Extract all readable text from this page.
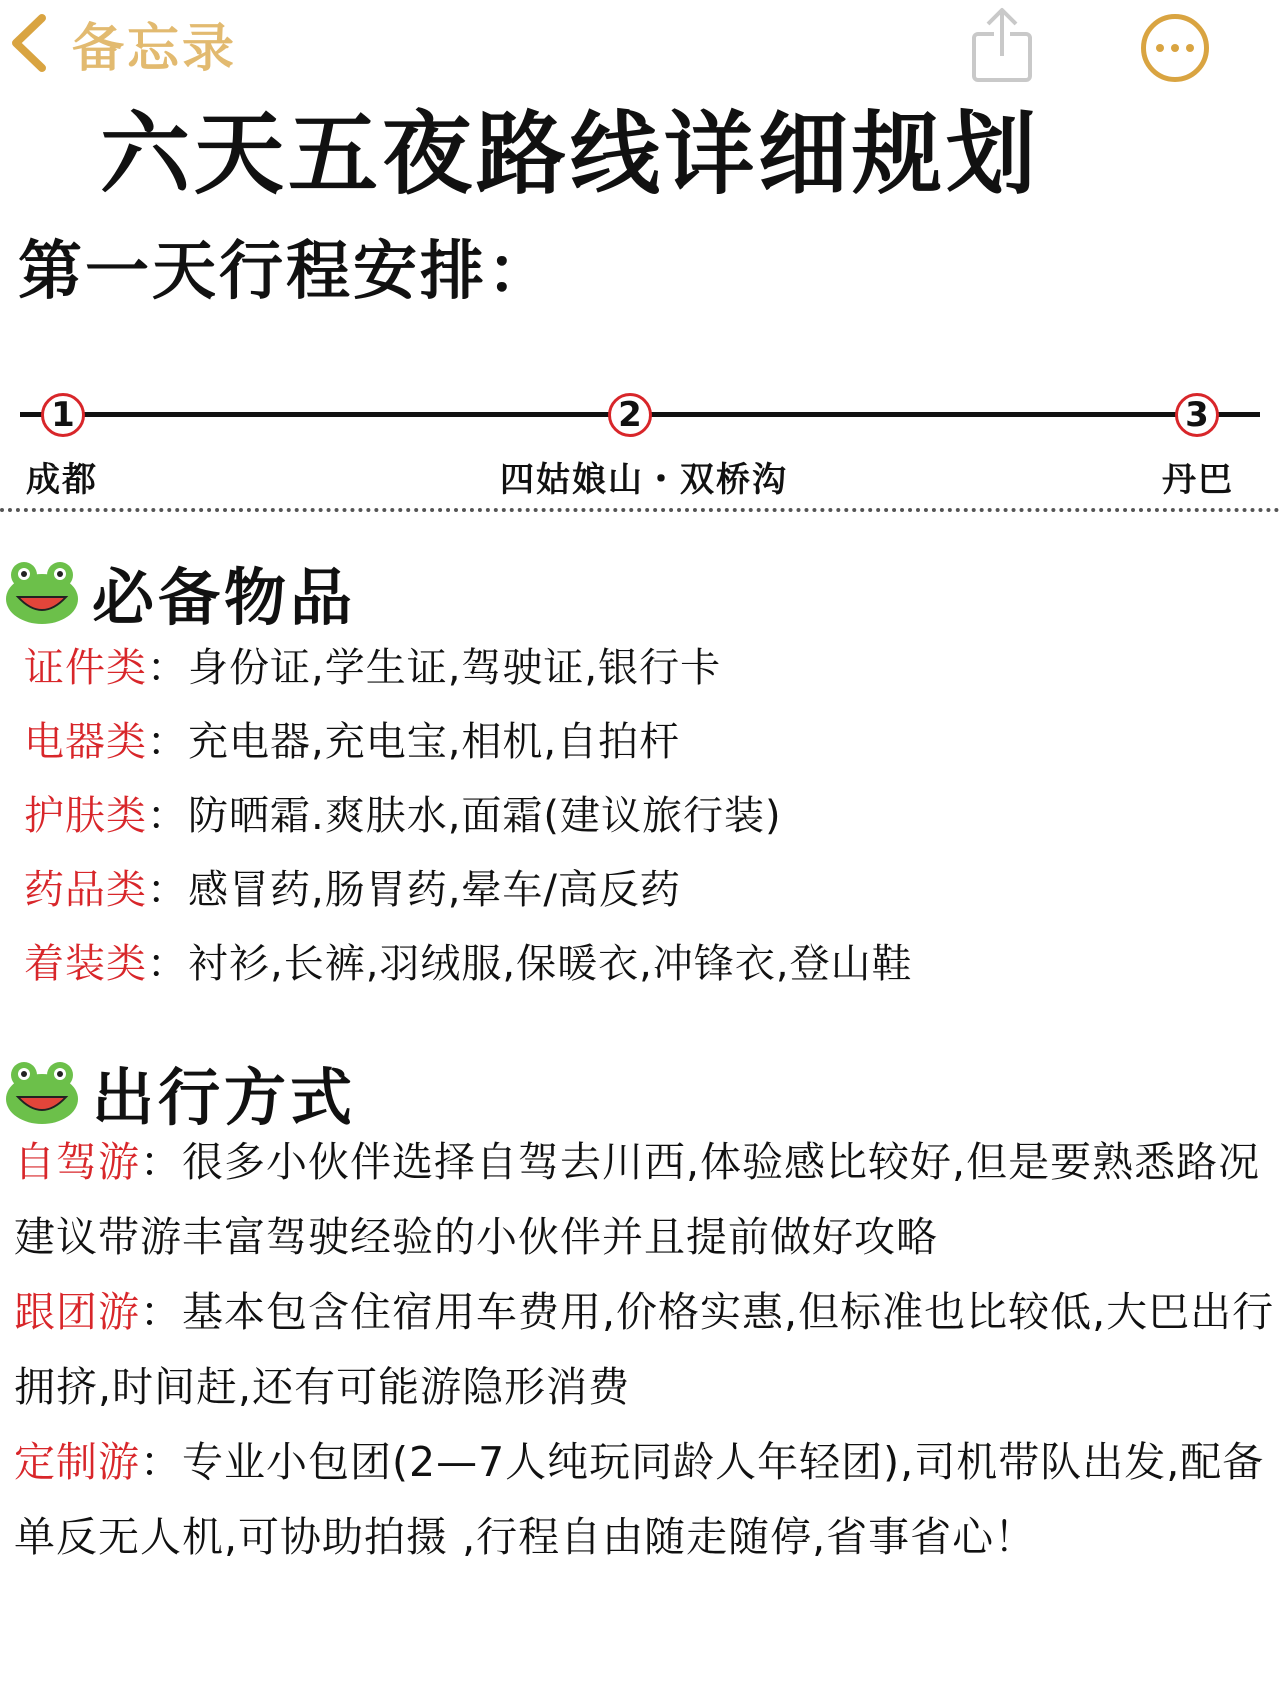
备忘录
六天五夜路线详细规划
第一天行程安排：
1	2	3
成都	四姑娘山・双桥沟	丹巴
必备物品
证件类：身份证,学生证,驾驶证,银行卡
电器类：充电器,充电宝,相机,自拍杆
护肤类：防晒霜.爽肤水,面霜(建议旅行装)
药品类：感冒药,肠胃药,晕车/高反药
着装类：衬衫,长裤,羽绒服,保暖衣,冲锋衣,登山鞋
出行方式

自驾游：很多小伙伴选择自驾去川西,体验感比较好,但是要熟悉路况建议带游丰富驾驶经验的小伙伴并且提前做好攻略

跟团游：基本包含住宿用车费用,价格实惠,但标准也比较低,大巴出行拥挤,时间赶,还有可能游隐形消费

定制游：专业小包团(2—7人纯玩同龄人年轻团),司机带队出发,配备单反无人机,可协助拍摄 ,行程自由随走随停,省事省心！
